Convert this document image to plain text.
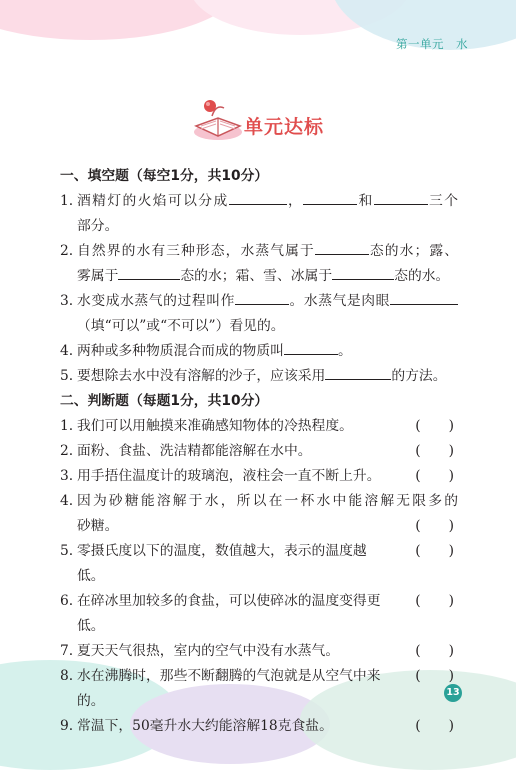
第一单元 水
单元达标
一、填空题（每空1分，共10分）
1. 酒精灯的火焰可以分成	，	和	三个
部分。
2. 自然界的水有三种形态，水蒸气属于	态的水；露、
雾属于	态的水；霜、雪、冰属于	态的水。
3. 水变成水蒸气的过程叫作	。水蒸气是肉眼
（填“可以”或“不可以”）看见的。
4. 两种或多种物质混合而成的物质叫	。
5. 要想除去水中没有溶解的沙子，应该采用	的方法。
二、判断题（每题1分，共10分）
1. 我们可以用触摸来准确感知物体的冷热程度。	( )
2. 面粉、食盐、洗洁精都能溶解在水中。	( )
3. 用手捂住温度计的玻璃泡，液柱会一直不断上升。	( )
4. 因为砂糖能溶解于水，所以在一杯水中能溶解无限多的
砂糖。	( )
5. 零摄氏度以下的温度，数值越大，表示的温度越低。
( )
6. 在碎冰里加较多的食盐，可以使碎冰的温度变得更低。
( )
7. 夏天天气很热，室内的空气中没有水蒸气。	( )
8. 水在沸腾时，那些不断翻腾的气泡就是从空气中来的。
( )
9. 常温下，50毫升水大约能溶解18克食盐。	( )
13
